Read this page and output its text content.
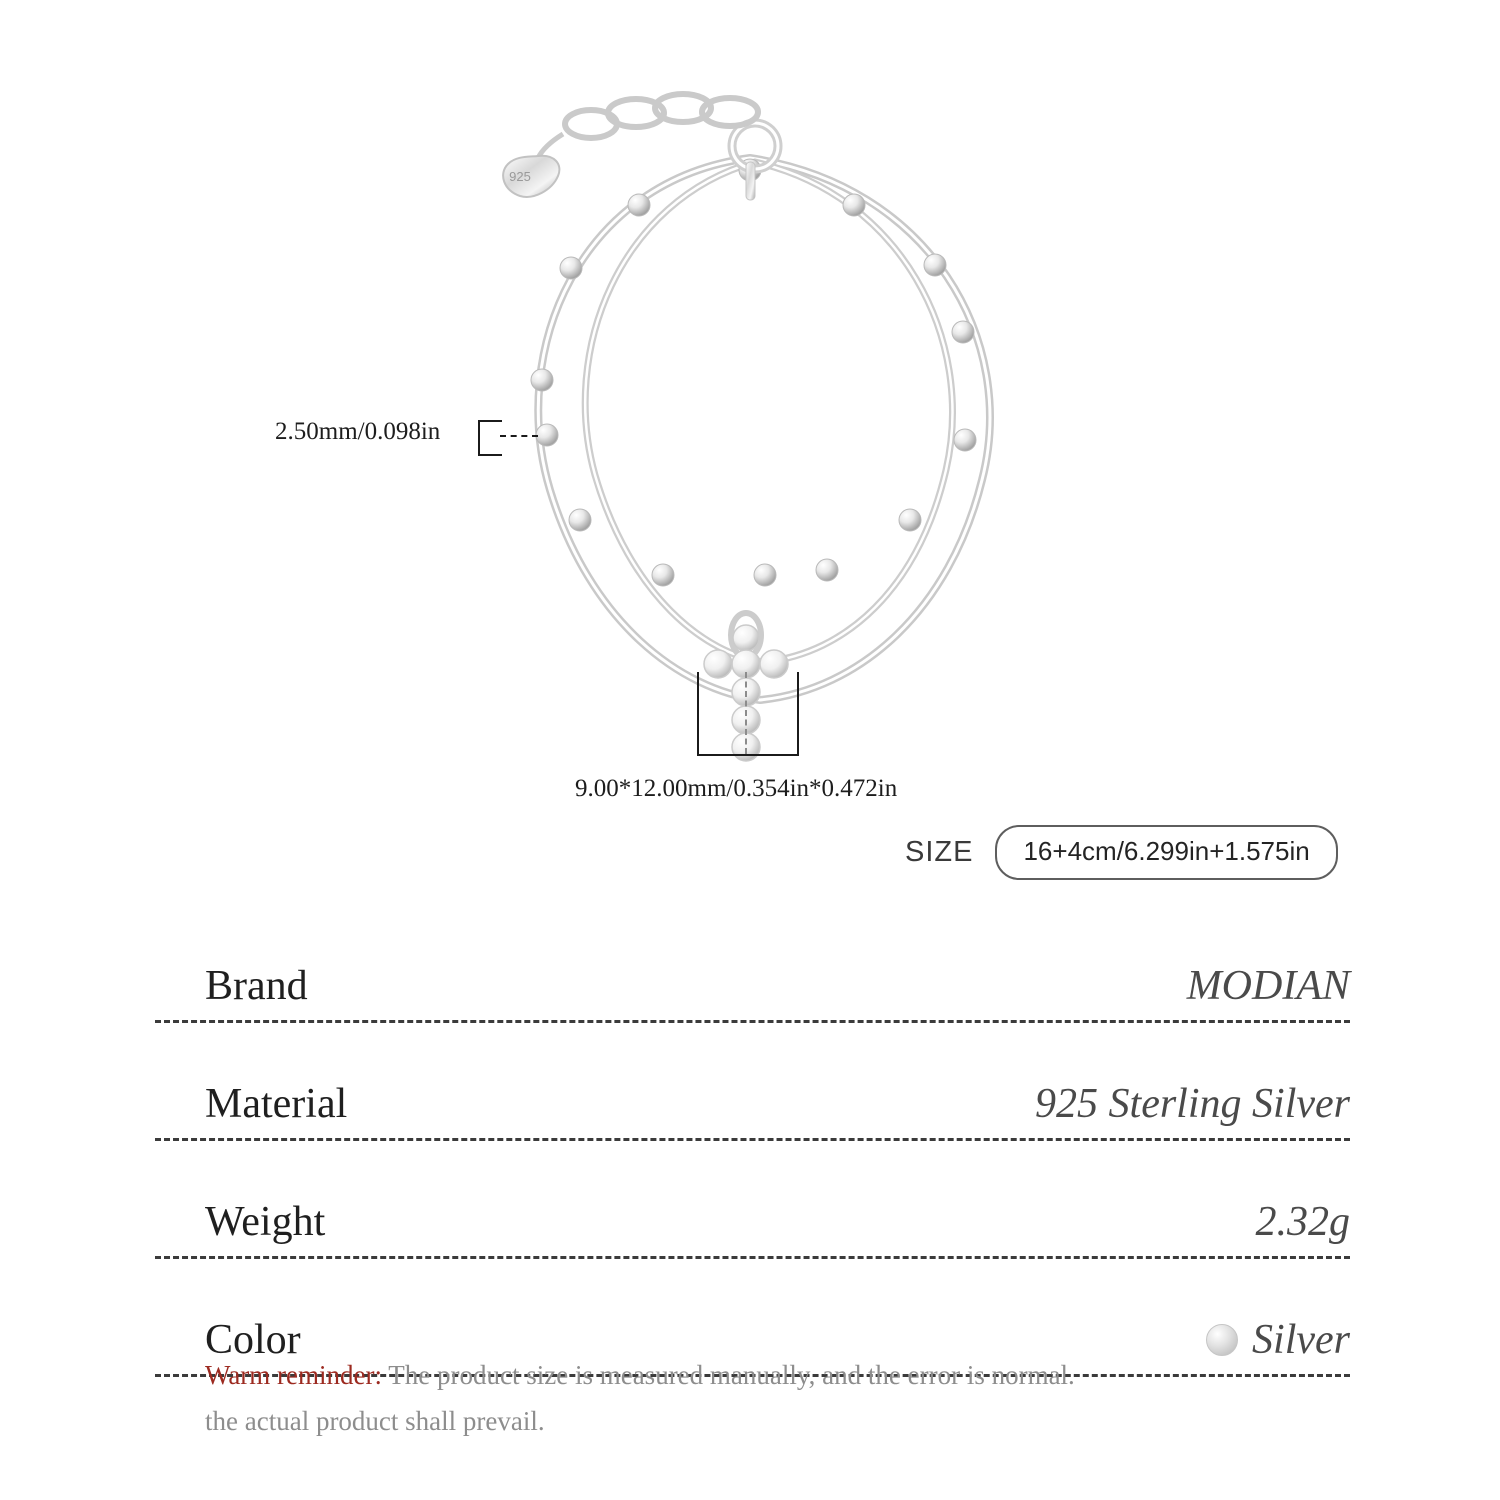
925
2.50mm/0.098in
9.00*12.00mm/0.354in*0.472in
SIZE	16+4cm/6.299in+1.575in
Brand	MODIAN
Material	925 Sterling Silver
Weight	2.32g
Color	Silver
Warm reminder: The product size is measured manually, and the error is normal.
the actual product shall prevail.
